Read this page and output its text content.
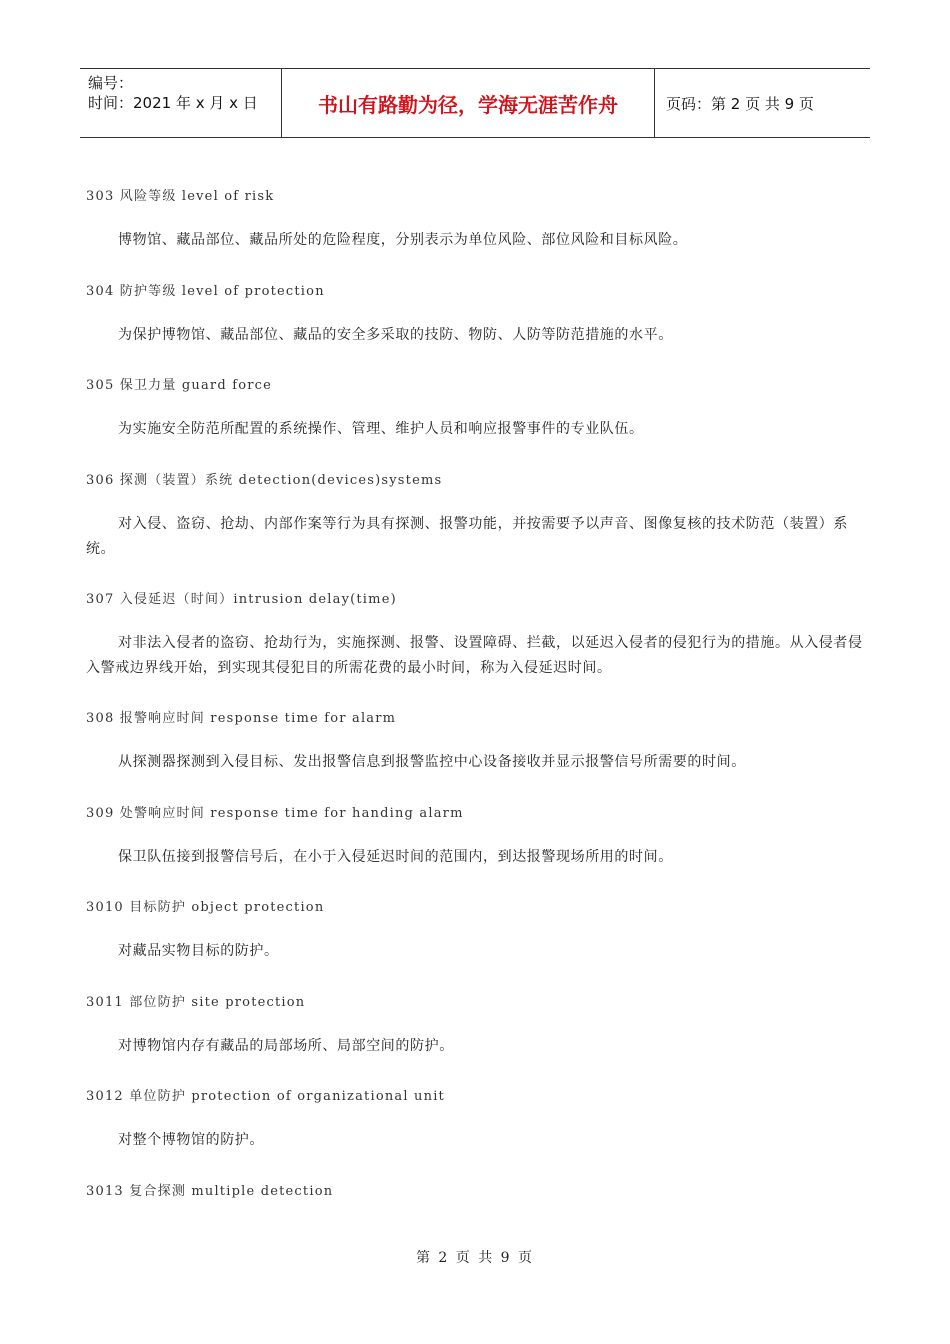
编号：
时间：2021 年 x 月 x 日	书山有路勤为径，学海无涯苦作舟	页码：第 2 页 共 9 页
303 风险等级 level of risk
博物馆、藏品部位、藏品所处的危险程度，分别表示为单位风险、部位风险和目标风险。
304 防护等级 level of protection
为保护博物馆、藏品部位、藏品的安全多采取的技防、物防、人防等防范措施的水平。
305 保卫力量 guard force
为实施安全防范所配置的系统操作、管理、维护人员和响应报警事件的专业队伍。
306 探测（装置）系统 detection(devices)systems
对入侵、盗窃、抢劫、内部作案等行为具有探测、报警功能，并按需要予以声音、图像复核的技术防范（装置）系统。
307 入侵延迟（时间）intrusion delay(time)
对非法入侵者的盗窃、抢劫行为，实施探测、报警、设置障碍、拦截，以延迟入侵者的侵犯行为的措施。从入侵者侵入警戒边界线开始，到实现其侵犯目的所需花费的最小时间，称为入侵延迟时间。
308 报警响应时间 response time for alarm
从探测器探测到入侵目标、发出报警信息到报警监控中心设备接收并显示报警信号所需要的时间。
309 处警响应时间 response time for handing alarm
保卫队伍接到报警信号后，在小于入侵延迟时间的范围内，到达报警现场所用的时间。
3010 目标防护 object protection
对藏品实物目标的防护。
3011 部位防护 site protection
对博物馆内存有藏品的局部场所、局部空间的防护。
3012 单位防护 protection of organizational unit
对整个博物馆的防护。
3013 复合探测 multiple detection
第 2 页 共 9 页
